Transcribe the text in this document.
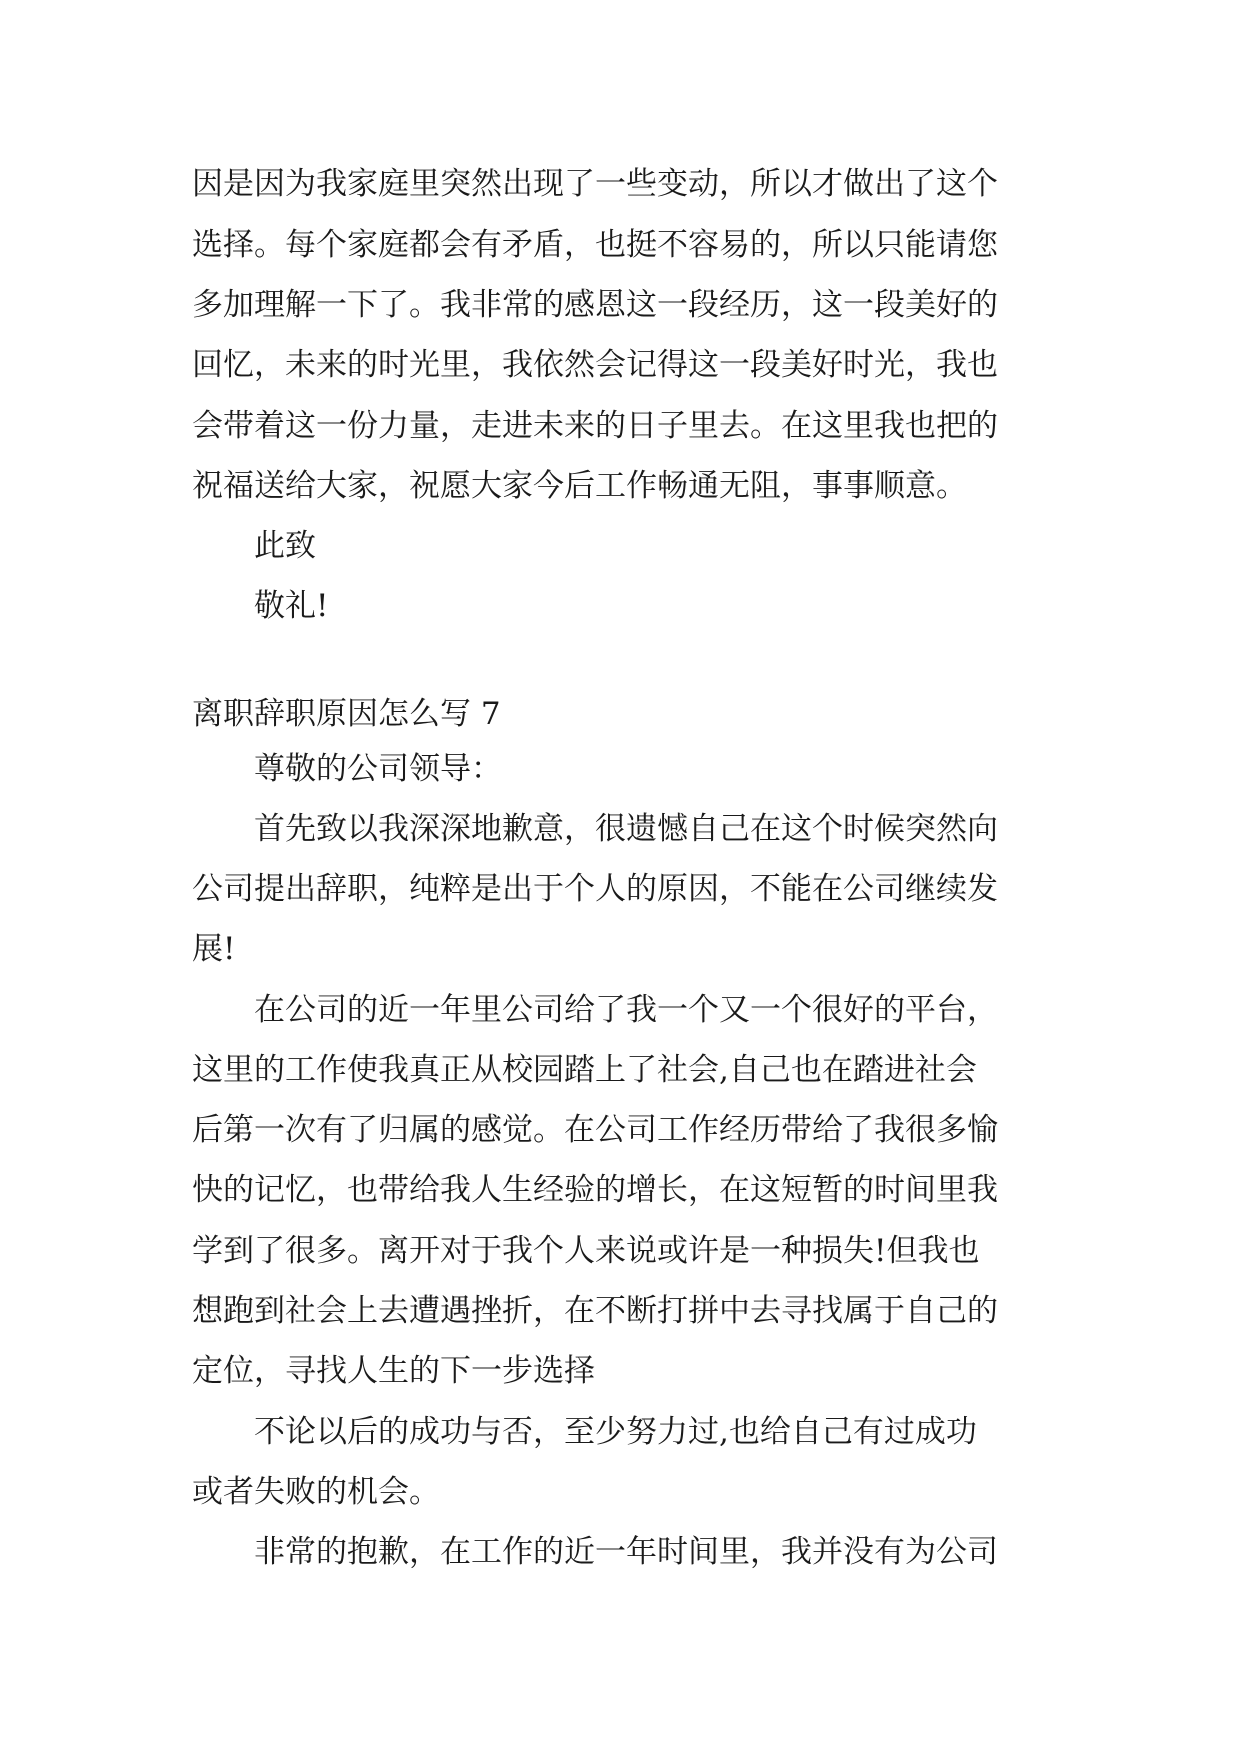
因是因为我家庭里突然出现了一些变动，所以才做出了这个

选择。每个家庭都会有矛盾，也挺不容易的，所以只能请您

多加理解一下了。我非常的感恩这一段经历，这一段美好的

回忆，未来的时光里，我依然会记得这一段美好时光，我也

会带着这一份力量，走进未来的日子里去。在这里我也把的

祝福送给大家，祝愿大家今后工作畅通无阻，事事顺意。

此致

敬礼!

离职辞职原因怎么写 7

尊敬的公司领导：

首先致以我深深地歉意，很遗憾自己在这个时候突然向

公司提出辞职，纯粹是出于个人的原因，不能在公司继续发

展!

在公司的近一年里公司给了我一个又一个很好的平台，

这里的工作使我真正从校园踏上了社会,自己也在踏进社会

后第一次有了归属的感觉。在公司工作经历带给了我很多愉

快的记忆，也带给我人生经验的增长，在这短暂的时间里我

学到了很多。离开对于我个人来说或许是一种损失!但我也

想跑到社会上去遭遇挫折，在不断打拼中去寻找属于自己的

定位，寻找人生的下一步选择

不论以后的成功与否，至少努力过,也给自己有过成功

或者失败的机会。

非常的抱歉，在工作的近一年时间里，我并没有为公司
